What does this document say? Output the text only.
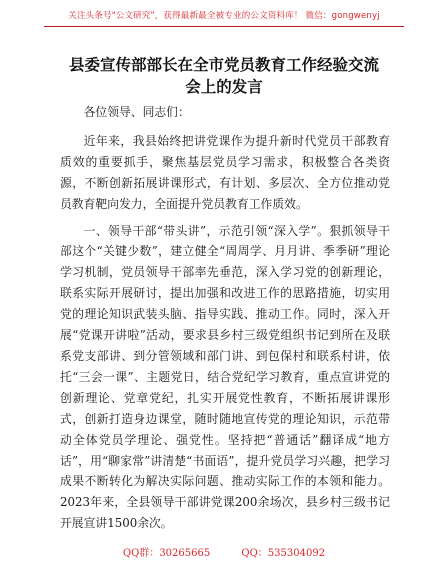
关注头条号"公文研究"，获得最新最全被专业的公文资料库！ 微信：gongwenyj
县委宣传部部长在全市党员教育工作经验交流
会上的发言

各位领导、同志们：

近年来，我县始终把讲党课作为提升新时代党员干部教育质效的重要抓手，聚焦基层党员学习需求，积极整合各类资源，不断创新拓展讲课形式，有计划、多层次、全方位推动党员教育靶向发力，全面提升党员教育工作质效。

一、领导干部“带头讲”，示范引领“深入学”。狠抓领导干部这个“关键少数”，建立健全“周周学、月月讲、季季研”理论学习机制，党员领导干部率先垂范，深入学习党的创新理论，联系实际开展研讨，提出加强和改进工作的思路措施，切实用党的理论知识武装头脑、指导实践、推动工作。同时，深入开展“党课开讲啦”活动，要求县乡村三级党组织书记到所在及联系党支部讲、到分管领域和部门讲、到包保村和联系村讲，依托“三会一课”、主题党日，结合党纪学习教育，重点宣讲党的创新理论、党章党纪，扎实开展党性教育，不断拓展讲课形式，创新打造身边课堂，随时随地宣传党的理论知识，示范带动全体党员学理论、强党性。坚持把“普通话”翻译成“地方话”，用“聊家常”讲清楚“书面语”，提升党员学习兴趣，把学习成果不断转化为解决实际问题、推动实际工作的本领和能力。2023年来，全县领导干部讲党课200余场次，县乡村三级书记开展宣讲1500余次。

QQ群：30265665	QQ：535304092
